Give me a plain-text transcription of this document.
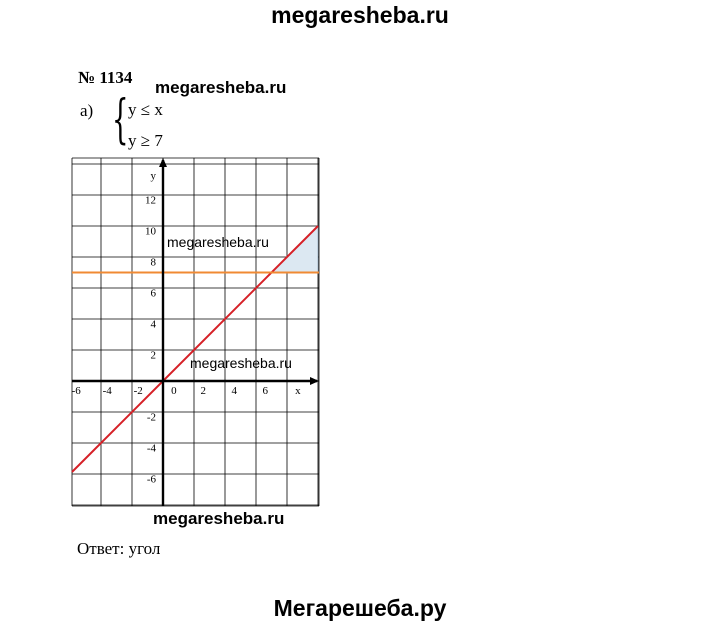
megaresheba.ru
№ 1134
megaresheba.ru
а) { y ≤ x
y ≥ 7
-6 -4 -2	0 2 4 6 x
y
12
10
8
6
4
2
-2
-4
-6
megaresheba.ru
megaresheba.ru
megaresheba.ru
Ответ: угол
Мегарешеба.ру
